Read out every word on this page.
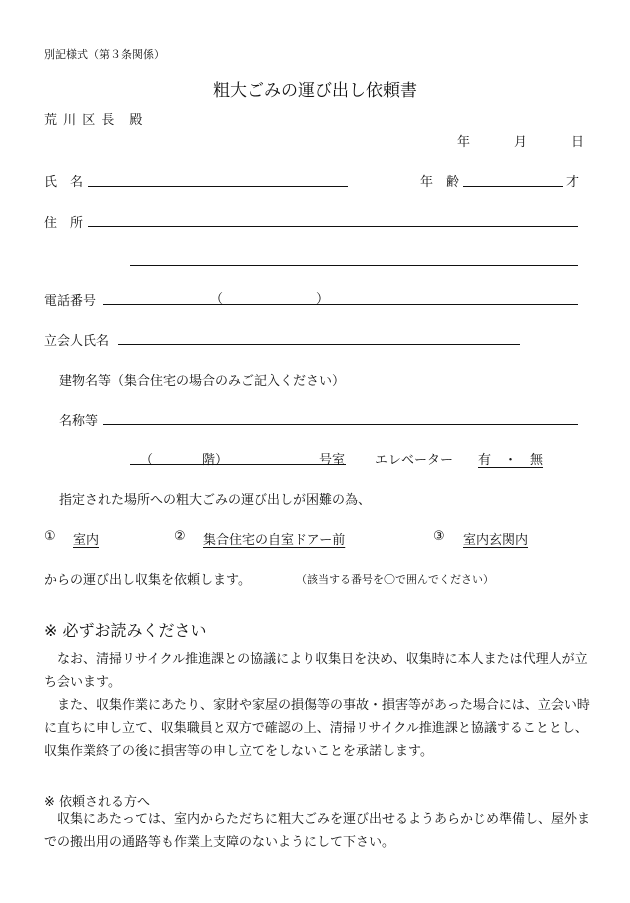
別記様式（第３条関係）
粗大ごみの運び出し依頼書
荒 川 区 長　殿
年	月	日
氏　名	年　齢	才
住　所
電話番号	（	）
立会人氏名
建物名等（集合住宅の場合のみご記入ください）
名称等
（	階）	号室 エレベーター 有　・　無
指定された場所への粗大ごみの運び出しが困難の為、
① 室内	② 集合住宅の自室ドアー前	③ 室内玄関内
からの運び出し収集を依頼します。	（該当する番号を〇で囲んでください）
※ 必ずお読みください
なお、清掃リサイクル推進課との協議により収集日を決め、収集時に本人または代理人が立ち会います。
また、収集作業にあたり、家財や家屋の損傷等の事故・損害等があった場合には、立会い時に直ちに申し立て、収集職員と双方で確認の上、清掃リサイクル推進課と協議することとし、収集作業終了の後に損害等の申し立てをしないことを承諾します。
※ 依頼される方へ
収集にあたっては、室内からただちに粗大ごみを運び出せるようあらかじめ準備し、屋外までの搬出用の通路等も作業上支障のないようにして下さい。
